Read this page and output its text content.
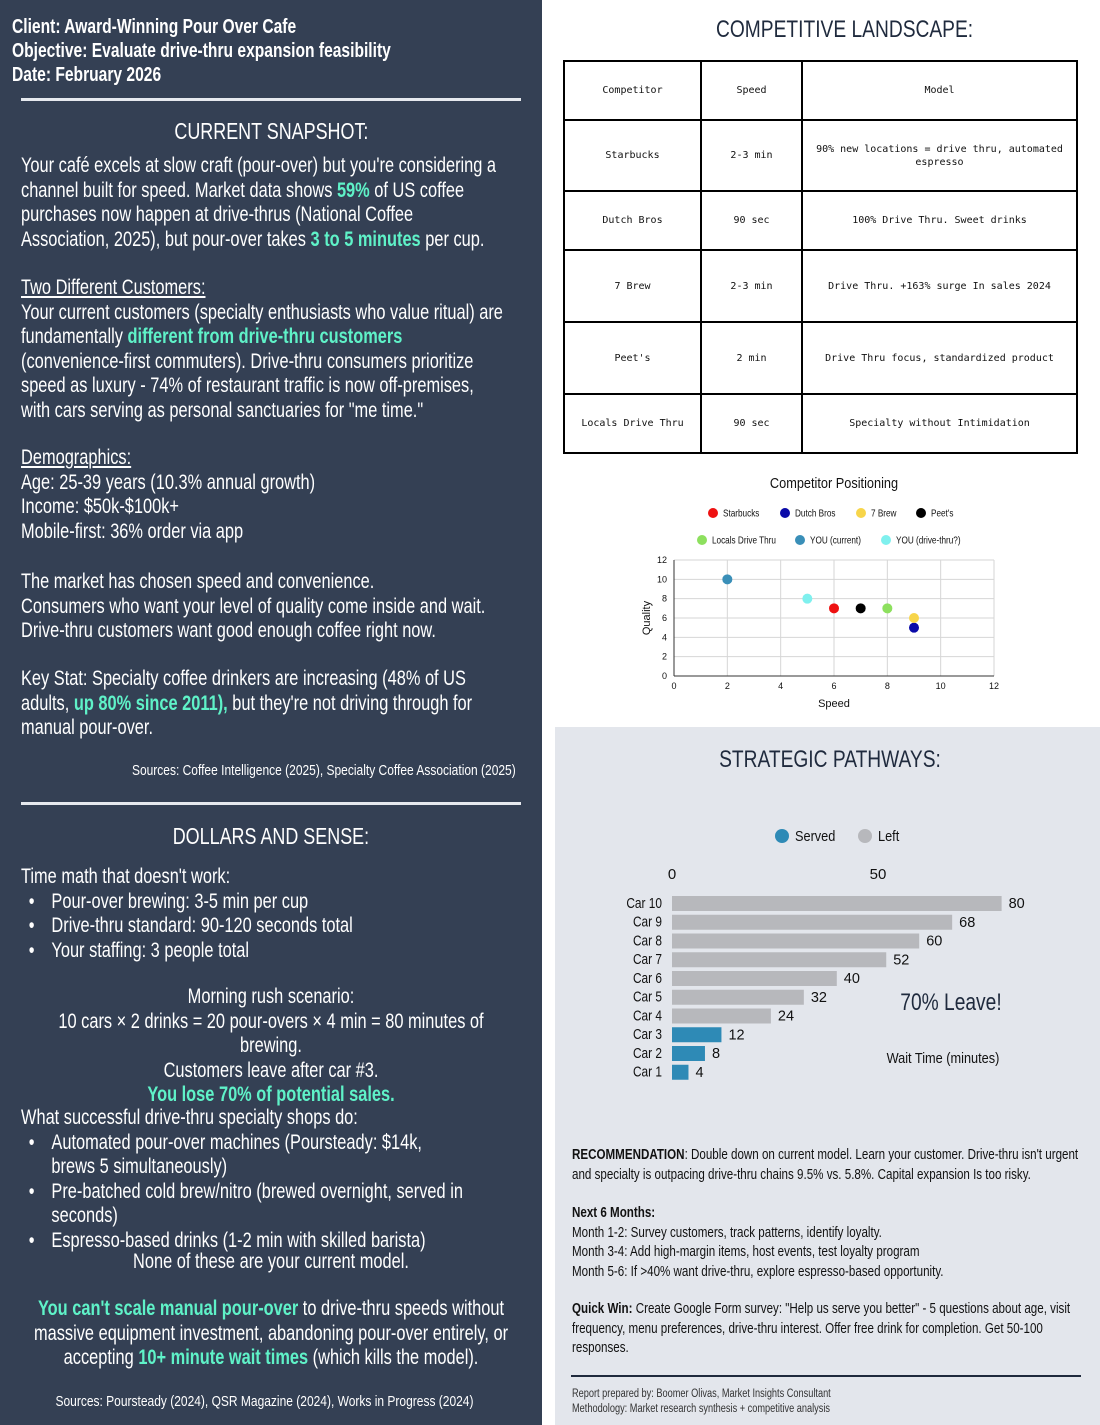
Client: Award-Winning Pour Over Cafe
Objective: Evaluate drive-thru expansion feasibility
Date: February 2026
CURRENT SNAPSHOT:
Your café excels at slow craft (pour-over) but you're considering a channel built for speed. Market data shows 59% of US coffee purchases now happen at drive-thrus (National Coffee Association, 2025), but pour-over takes 3 to 5 minutes per cup.
Two Different Customers:
Your current customers (specialty enthusiasts who value ritual) are fundamentally different from drive-thru customers (convenience-first commuters). Drive-thru consumers prioritize speed as luxury - 74% of restaurant traffic is now off-premises, with cars serving as personal sanctuaries for "me time."
Demographics:
Age: 25-39 years (10.3% annual growth)
Income: $50k-$100k+
Mobile-first: 36% order via app
The market has chosen speed and convenience.
Consumers who want your level of quality come inside and wait. Drive-thru customers want good enough coffee right now.
Key Stat: Specialty coffee drinkers are increasing (48% of US adults, up 80% since 2011), but they're not driving through for manual pour-over.
Sources: Coffee Intelligence (2025), Specialty Coffee Association (2025)
DOLLARS AND SENSE:
Time math that doesn't work:
• Pour-over brewing: 3-5 min per cup
• Drive-thru standard: 90-120 seconds total
• Your staffing: 3 people total
Morning rush scenario:
10 cars × 2 drinks = 20 pour-overs × 4 min = 80 minutes of brewing.
Customers leave after car #3.
You lose 70% of potential sales.
What successful drive-thru specialty shops do:
• Automated pour-over machines (Poursteady: $14k, brews 5 simultaneously)
• Pre-batched cold brew/nitro (brewed overnight, served in seconds)
• Espresso-based drinks (1-2 min with skilled barista)
None of these are your current model.
You can't scale manual pour-over to drive-thru speeds without massive equipment investment, abandoning pour-over entirely, or accepting 10+ minute wait times (which kills the model).
Sources: Poursteady (2024), QSR Magazine (2024), Works in Progress (2024)
COMPETITIVE LANDSCAPE:
Competitor	Speed	Model
Starbucks	2-3 min	90% new locations = drive thru, automated espresso
Dutch Bros	90 sec	100% Drive Thru. Sweet drinks
7 Brew	2-3 min	Drive Thru. +163% surge In sales 2024
Peet's	2 min	Drive Thru focus, standardized product
Locals Drive Thru	90 sec	Specialty without Intimidation
Competitor Positioning
Starbucks	Dutch Bros	7 Brew	Peet's
Locals Drive Thru	YOU (current)	YOU (drive-thru?)
0	2	4	6	8	10	12
0
2
4
6
8
10
12
Speed
Quality
STRATEGIC PATHWAYS:
Served	Left
0	50
Car 10	80
Car 9	68
Car 8	60
Car 7	52
Car 6	40
Car 5	32
Car 4	24
Car 3	12
Car 2	8
Car 1 4
70% Leave!
Wait Time (minutes)
RECOMMENDATION: Double down on current model. Learn your customer. Drive-thru isn't urgent and specialty is outpacing drive-thru chains 9.5% vs. 5.8%. Capital expansion Is too risky.
Next 6 Months:
Month 1-2: Survey customers, track patterns, identify loyalty.
Month 3-4: Add high-margin items, host events, test loyalty program
Month 5-6: If >40% want drive-thru, explore espresso-based opportunity.
Quick Win: Create Google Form survey: "Help us serve you better" - 5 questions about age, visit frequency, menu preferences, drive-thru interest. Offer free drink for completion. Get 50-100 responses.
Report prepared by: Boomer Olivas, Market Insights Consultant
Methodology: Market research synthesis + competitive analysis
